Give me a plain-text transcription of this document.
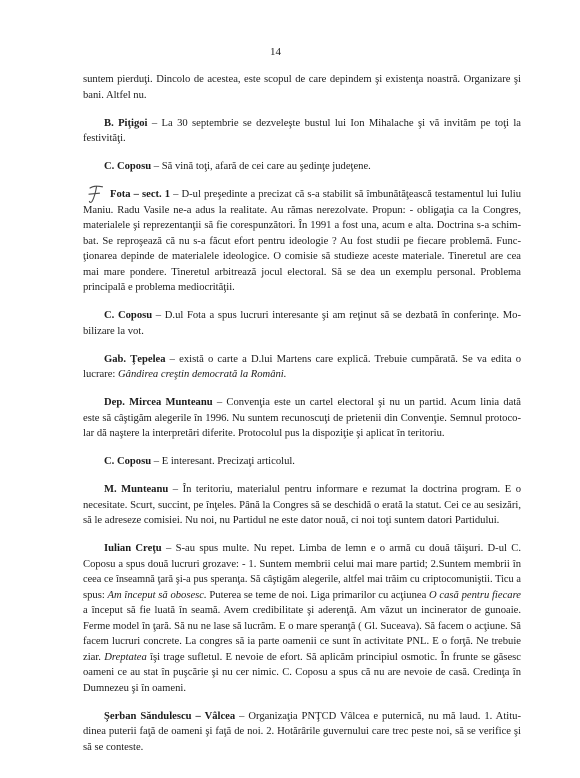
14
suntem pierduţi. Dincolo de acestea, este scopul de care depindem şi existenţa noastră. Organizare şi
bani. Altfel nu.
B. Piţigoi – La 30 septembrie se dezveleşte bustul lui Ion Mihalache şi vă invităm pe toţi la
festivităţi.
C. Coposu – Să vină toţi, afară de cei care au şedinţe judeţene.
Fota – sect. 1 – D-ul preşedinte a precizat că s-a stabilit să îmbunătăţească testamentul lui Iuliu
Maniu. Radu Vasile ne-a adus la realitate. Au rămas nerezolvate. Propun: - obligaţia ca la Congres,
materialele şi reprezentanţii să fie corespunzători. În 1991 a fost una, acum e alta. Doctrina s-a schim-
bat. Se reproşează că nu s-a făcut efort pentru ideologie ? Au fost studii pe fiecare problemă. Func-
ţionarea depinde de materialele ideologice. O comisie să studieze aceste materiale. Tineretul are cea
mai mare pondere. Tineretul arbitrează jocul electoral. Să se dea un exemplu personal. Problema
principală e problema mediocrităţii.
C. Coposu – D.ul Fota a spus lucruri interesante şi am reţinut să se dezbată în conferinţe. Mo-
bilizare la vot.
Gab. Ţepelea – există o carte a D.lui Martens care explică. Trebuie cumpărată. Se va edita o
lucrare: Gândirea creştin democrată la Români.
Dep. Mircea Munteanu – Convenţia este un cartel electoral şi nu un partid. Acum linia dată
este să câştigăm alegerile în 1996. Nu suntem recunoscuţi de prietenii din Convenţie. Semnul protoco-
lar dă naştere la interpretări diferite. Protocolul pus la dispoziţie şi aplicat în teritoriu.
C. Coposu – E interesant. Precizaţi articolul.
M. Munteanu – În teritoriu, materialul pentru informare e rezumat la doctrina program. E o
necesitate. Scurt, succint, pe înţeles. Până la Congres să se deschidă o erată la statut. Cei ce au sesizări,
să le adreseze comisiei. Nu noi, nu Partidul ne este dator nouă, ci noi toţi suntem datori Partidului.
Iulian Creţu – S-au spus multe. Nu repet. Limba de lemn e o armă cu două tăişuri. D-ul C.
Coposu a spus două lucruri grozave: - 1. Suntem membrii celui mai mare partid; 2.Suntem membrii în
ceea ce înseamnă ţară şi-a pus speranţa. Să câştigăm alegerile, altfel mai trăim cu criptocomuniştii. Ticu a
spus: Am început să obosesc. Puterea se teme de noi. Liga primarilor cu acţiunea O casă pentru fiecare
a început să fie luată în seamă. Avem credibilitate şi aderenţă. Am văzut un incinerator de gunoaie.
Ferme model în ţară. Să nu ne lase să lucrăm. E o mare speranţă ( Gl. Suceava). Să facem o acţiune. Să
facem lucruri concrete. La congres să ia parte oamenii ce sunt în activitate PNL. E o forţă. Ne trebuie
ziar. Dreptatea îşi trage sufletul. E nevoie de efort. Să aplicăm principiul osmotic. În frunte se găsesc
oameni ce au stat în puşcărie şi nu cer nimic. C. Coposu a spus că nu are nevoie de casă. Credinţa în
Dumnezeu şi în oameni.
Şerban Săndulescu – Vâlcea – Organizaţia PNŢCD Vâlcea e puternică, nu mă laud. 1. Atitu-
dinea puterii faţă de oameni şi faţă de noi. 2. Hotărârile guvernului care trec peste noi, să se verifice şi
să se conteste.
